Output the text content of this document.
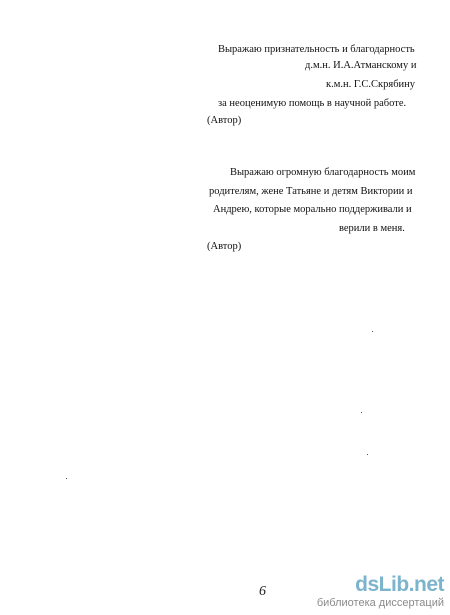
Выражаю признательность и благодарность
д.м.н. И.А.Атманскому и
к.м.н. Г.С.Скрябину
за неоценимую помощь в научной работе.
(Автор)
Выражаю огромную благодарность моим
родителям, жене Татьяне и детям Виктории и
Андрею, которые морально поддерживали и
верили в меня.
(Автор)
6	dsLib.net
библиотека диссертаций
